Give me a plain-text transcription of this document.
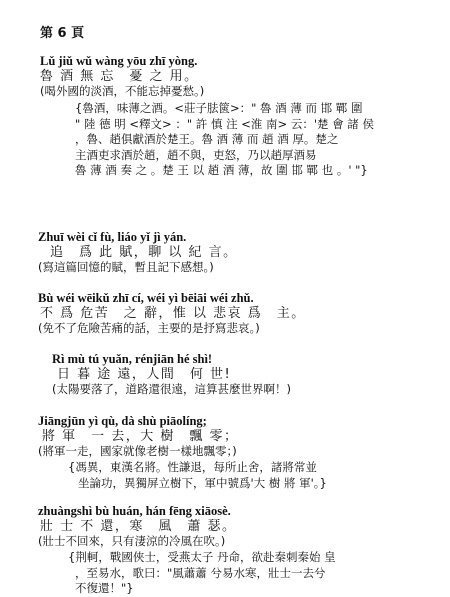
第 6 頁
Lǔ jiǔ wǔ wàng yōu zhī yòng.
魯 酒 無 忘　憂 之 用。
(喝外國的淡酒，不能忘掉憂愁。)
{魯酒，味薄之酒。<莊子胠篋>：" 魯 酒 薄 而 邯 鄲 圍
" 陸 德 明 <釋文> ：" 許 慎 注 <淮 南> 云：'楚 會 諸 侯
，魯、趙俱獻酒於楚王。魯 酒 薄 而 趙 酒 厚。楚之
主酒吏求酒於趙，趙不與，吏怒，乃以趙厚酒易
魯 薄 酒 奏 之 。楚 王 以 趙 酒 薄，故 圍 邯 鄲 也 。' "}
Zhuī wèi cǐ fù, liáo yǐ jì yán.
追　爲 此 賦，聊 以 紀 言。
(寫這篇回憶的賦，暫且記下感想。)
Bù wéi wēikǔ zhī cí, wéi yì bēiāi wéi zhǔ.
不 爲 危苦　之 辭，惟 以 悲哀 爲　主。
(免不了危險苦痛的話，主要的是抒寫悲哀。)
Rì mù tú yuǎn, rénjiān hé shì!
日 暮 途 遠，人間　何 世!
(太陽要落了，道路還很遠，這算甚麼世界啊！)
Jiāngjūn yì qù, dà shù piāolíng;
將 軍　一 去，大 樹　飄 零；
(將軍一走，國家就像老樹一樣地飄零；)
{馮異，東漢名將。性謙退，每所止舍，諸將常並
坐論功，異獨屏立樹下，軍中號爲'大 樹 將 軍'。}
zhuàngshì bù huán, hán fēng xiāosè.
壯 士 不 還，寒　風　蕭 瑟。
(壯士不回來，只有淒涼的冷風在吹。)
{荆軻，戰國俠士，受燕太子 丹命，欲赴秦刺秦始 皇
，至易水，歌曰："風蕭蕭 兮易水寒，壯士一去兮
不復還！"}
